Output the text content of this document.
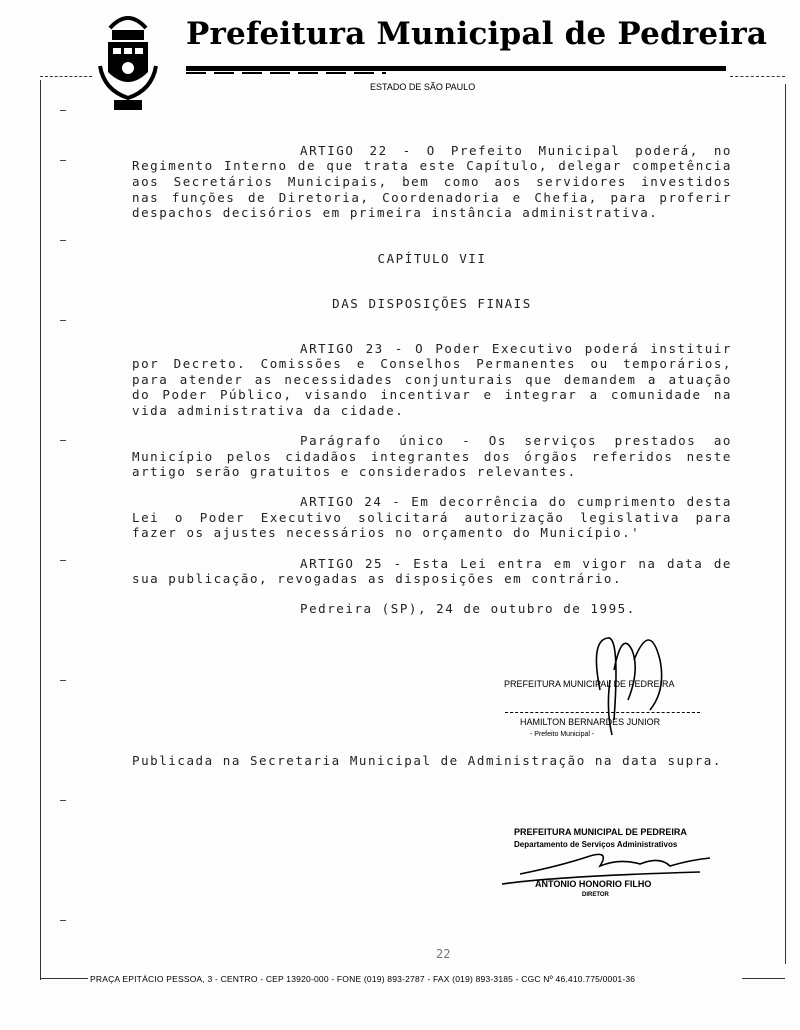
Prefeitura Municipal de Pedreira
ESTADO DE SÃO PAULO
ARTIGO 22 - O Prefeito Municipal poderá, no
Regimento Interno de que trata este Capítulo, delegar competência
aos Secretários Municipais, bem como aos servidores investidos
nas funções de Diretoria, Coordenadoria e Chefia, para proferir
despachos decisórios em primeira instância administrativa.
CAPÍTULO VII
DAS DISPOSIÇÕES FINAIS
ARTIGO 23 - O Poder Executivo poderá instituir
por Decreto. Comissões e Conselhos Permanentes ou temporários,
para atender as necessidades conjunturais que demandem a atuação
do Poder Público, visando incentivar e integrar a comunidade na
vida administrativa da cidade.
Parágrafo único - Os serviços prestados ao
Município pelos cidadãos integrantes dos órgãos referidos neste
artigo serão gratuitos e considerados relevantes.
ARTIGO 24 - Em decorrência do cumprimento desta
Lei o Poder Executivo solicitará autorização legislativa para
fazer os ajustes necessários no orçamento do Município.'
ARTIGO 25 - Esta Lei entra em vigor na data de
sua publicação, revogadas as disposições em contrário.
Pedreira (SP), 24 de outubro de 1995.
PREFEITURA MUNICIPAL DE PEDREIRA
HAMILTON BERNARDES JUNIOR
- Prefeito Municipal -
Publicada na Secretaria Municipal de Administração na data supra.
PREFEITURA MUNICIPAL DE PEDREIRA
Departamento de Serviços Administrativos
ANTONIO HONORIO FILHO
DIRETOR
22
PRAÇA EPITÁCIO PESSOA, 3 - CENTRO - CEP 13920-000 - FONE (019) 893-2787 - FAX (019) 893-3185 - CGC Nº 46.410.775/0001-36
